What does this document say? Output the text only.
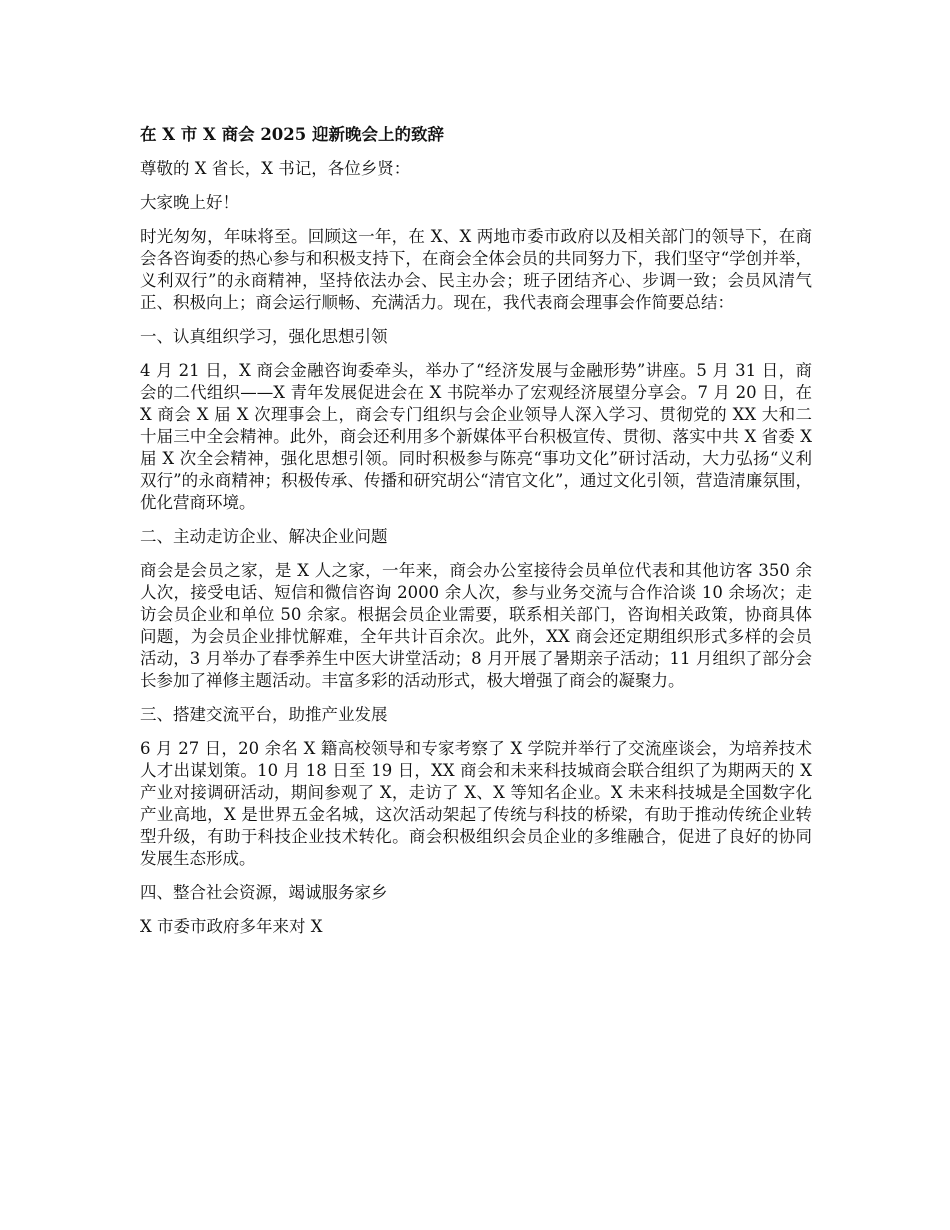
在 X 市 X 商会 2025 迎新晚会上的致辞

尊敬的 X 省长，X 书记，各位乡贤：

大家晚上好！

时光匆匆，年味将至。回顾这一年，在 X、X 两地市委市政府以及相关部门的领导下，在商会各咨询委的热心参与和积极支持下，在商会全体会员的共同努力下，我们坚守“学创并举，义利双行”的永商精神，坚持依法办会、民主办会；班子团结齐心、步调一致；会员风清气正、积极向上；商会运行顺畅、充满活力。现在，我代表商会理事会作简要总结：

一、认真组织学习，强化思想引领

4 月 21 日，X 商会金融咨询委牵头，举办了“经济发展与金融形势”讲座。5 月 31 日，商会的二代组织——X 青年发展促进会在 X 书院举办了宏观经济展望分享会。7 月 20 日，在 X 商会 X 届 X 次理事会上，商会专门组织与会企业领导人深入学习、贯彻党的 XX 大和二十届三中全会精神。此外，商会还利用多个新媒体平台积极宣传、贯彻、落实中共 X 省委 X 届 X 次全会精神，强化思想引领。同时积极参与陈亮“事功文化”研讨活动，大力弘扬“义利双行”的永商精神；积极传承、传播和研究胡公“清官文化”，通过文化引领，营造清廉氛围，优化营商环境。

二、主动走访企业、解决企业问题

商会是会员之家，是 X 人之家，一年来，商会办公室接待会员单位代表和其他访客 350 余人次，接受电话、短信和微信咨询 2000 余人次，参与业务交流与合作洽谈 10 余场次；走访会员企业和单位 50 余家。根据会员企业需要，联系相关部门，咨询相关政策，协商具体问题，为会员企业排忧解难，全年共计百余次。此外，XX 商会还定期组织形式多样的会员活动，3 月举办了春季养生中医大讲堂活动；8 月开展了暑期亲子活动；11 月组织了部分会长参加了禅修主题活动。丰富多彩的活动形式，极大增强了商会的凝聚力。

三、搭建交流平台，助推产业发展

6 月 27 日，20 余名 X 籍高校领导和专家考察了 X 学院并举行了交流座谈会，为培养技术人才出谋划策。10 月 18 日至 19 日，XX 商会和未来科技城商会联合组织了为期两天的 X 产业对接调研活动，期间参观了 X，走访了 X、X 等知名企业。X 未来科技城是全国数字化产业高地，X 是世界五金名城，这次活动架起了传统与科技的桥梁，有助于推动传统企业转型升级，有助于科技企业技术转化。商会积极组织会员企业的多维融合，促进了良好的协同发展生态形成。

四、整合社会资源，竭诚服务家乡

X 市委市政府多年来对 X
